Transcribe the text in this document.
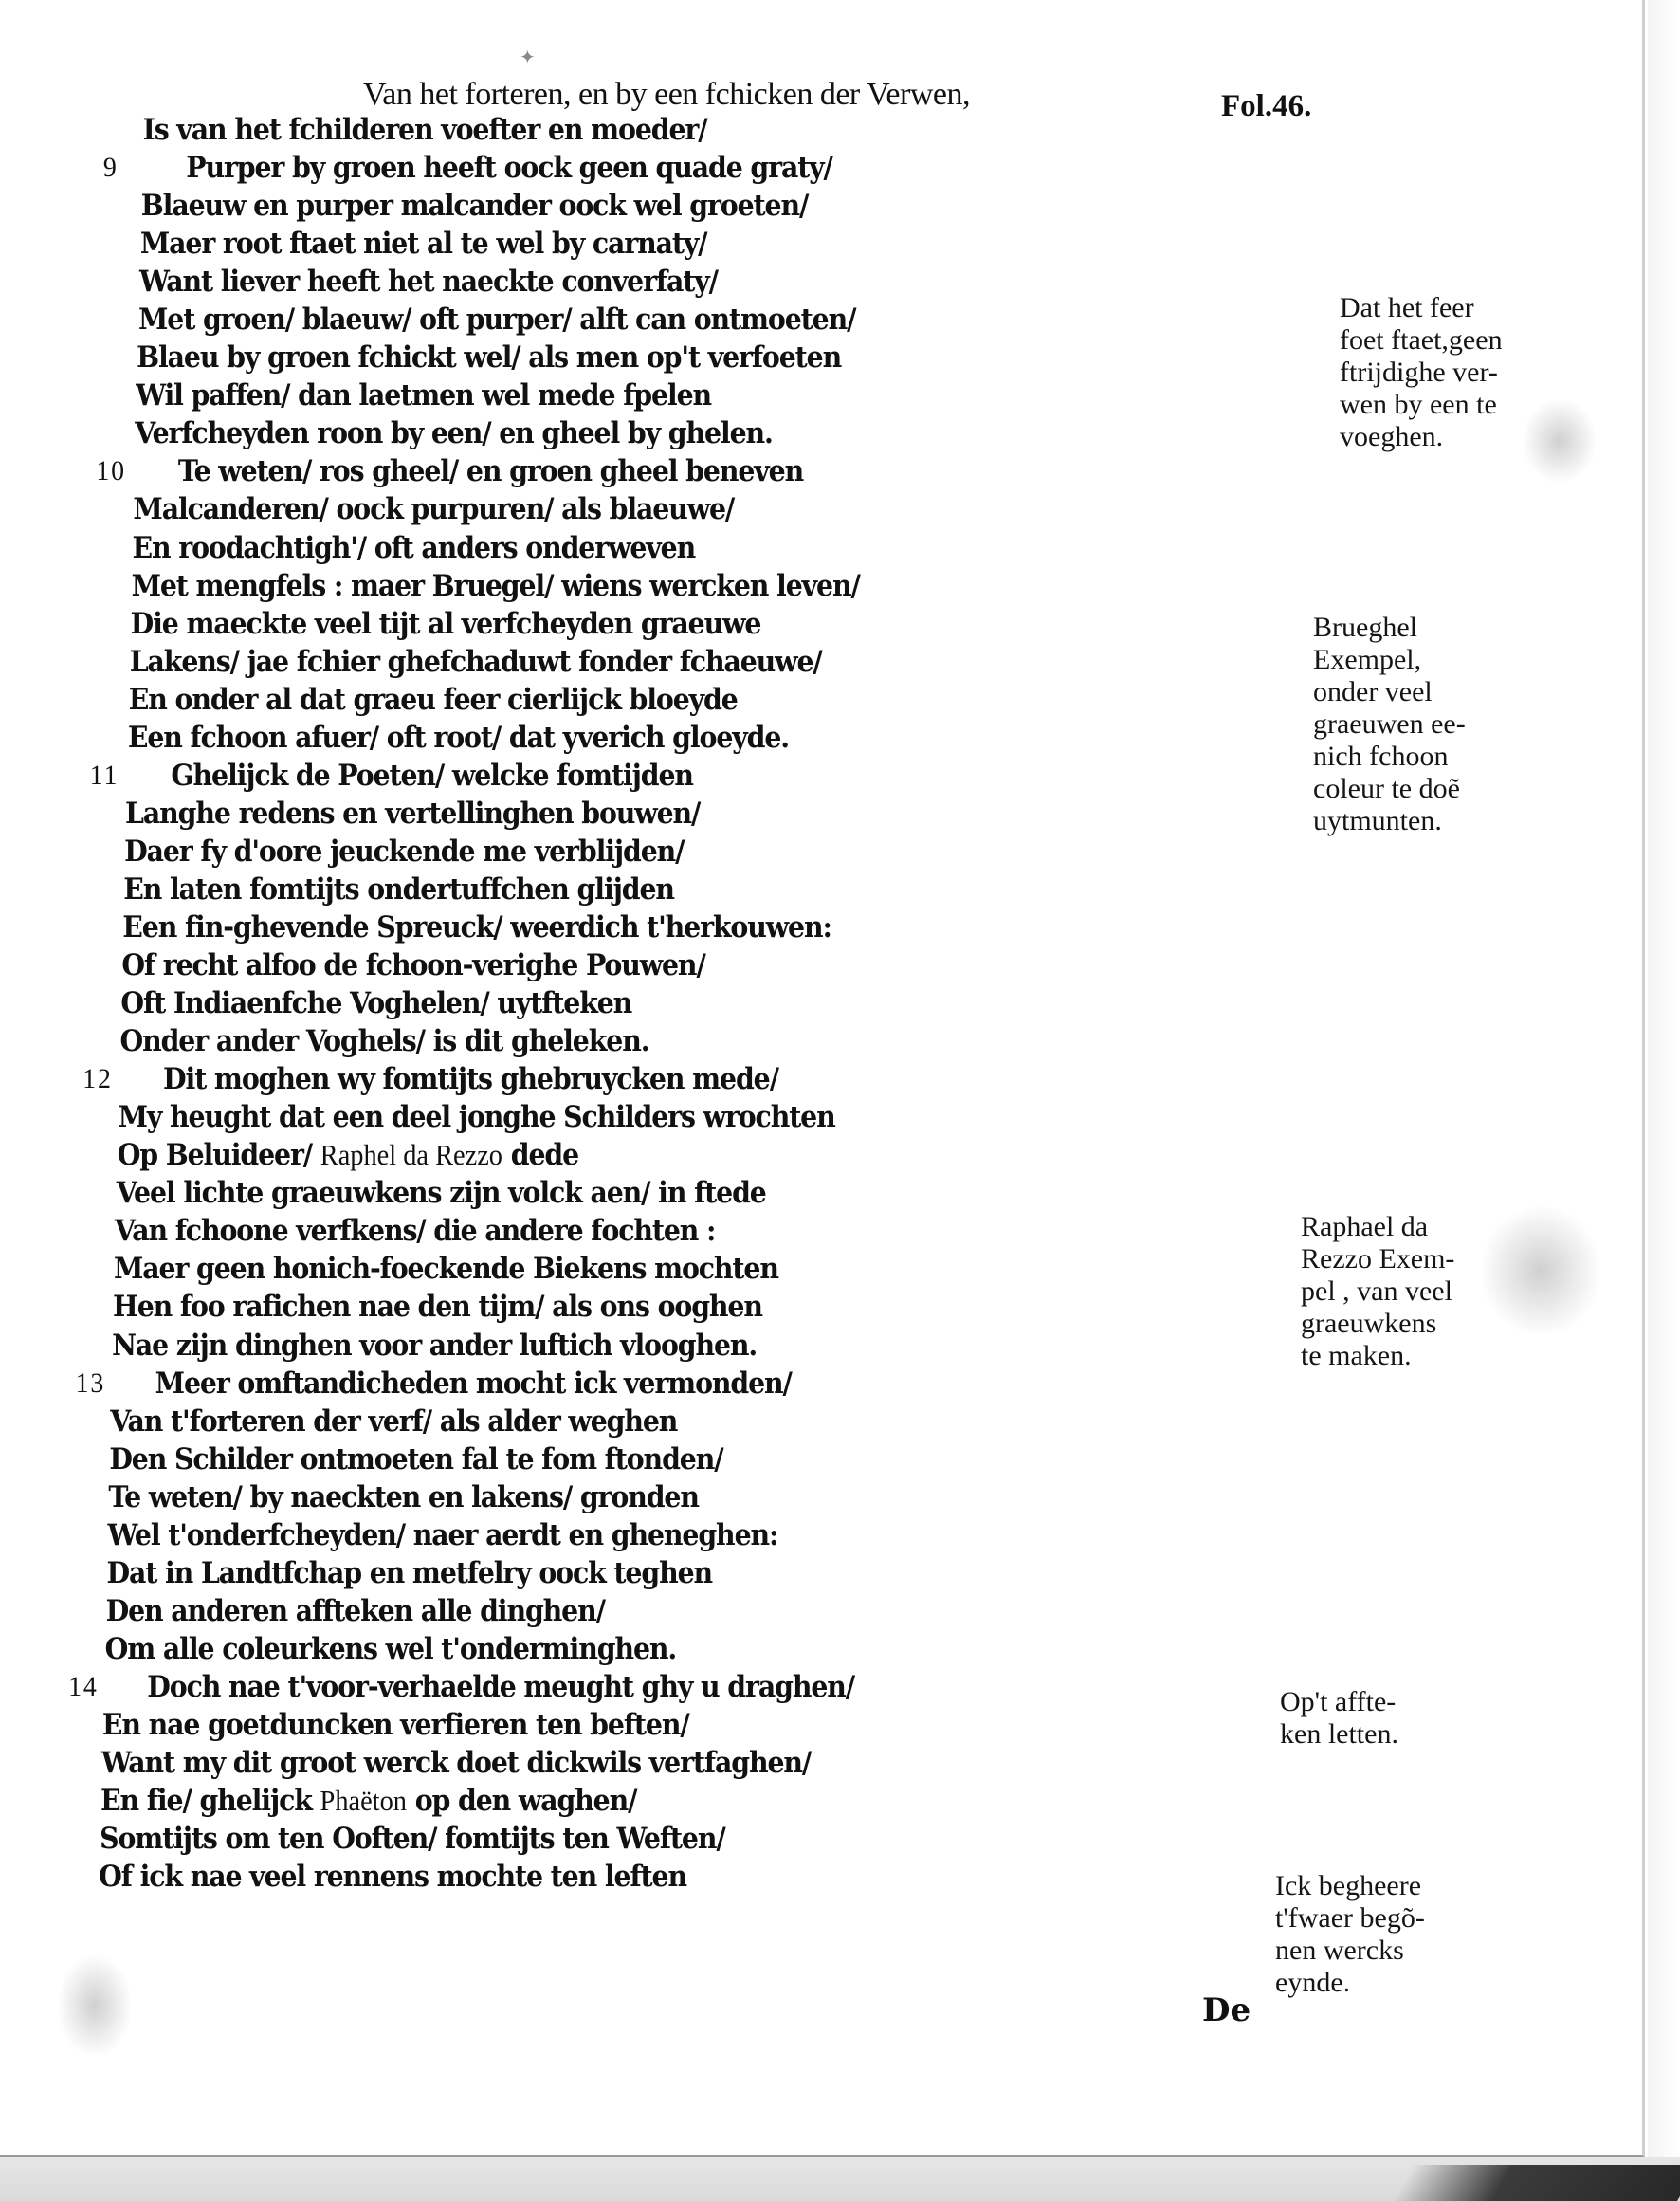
✦
Van het forteren, en by een fchicken der Verwen,	Fol.46.
Is van het fchilderen voefter en moeder/
9 Purper by groen heeft oock geen quade graty/
Blaeuw en purper malcander oock wel groeten/
Maer root ftaet niet al te wel by carnaty/
Want liever heeft het naeckte converfaty/
Met groen/ blaeuw/ oft purper/ alft can ontmoeten/
Blaeu by groen fchickt wel/ als men op't verfoeten
Wil paffen/ dan laetmen wel mede fpelen
Verfcheyden roon by een/ en gheel by ghelen.
10 Te weten/ ros gheel/ en groen gheel beneven
Malcanderen/ oock purpuren/ als blaeuwe/
En roodachtigh'/ oft anders onderweven
Met mengfels : maer Bruegel/ wiens wercken leven/
Die maeckte veel tijt al verfcheyden graeuwe
Lakens/ jae fchier ghefchaduwt fonder fchaeuwe/
En onder al dat graeu feer cierlijck bloeyde
Een fchoon afuer/ oft root/ dat yverich gloeyde.
11 Ghelijck de Poeten/ welcke fomtijden
Langhe redens en vertellinghen bouwen/
Daer fy d'oore jeuckende me verblijden/
En laten fomtijts ondertuffchen glijden
Een fin-ghevende Spreuck/ weerdich t'herkouwen:
Of recht alfoo de fchoon-verighe Pouwen/
Oft Indiaenfche Voghelen/ uytfteken
Onder ander Voghels/ is dit gheleken.
12 Dit moghen wy fomtijts ghebruycken mede/
My heught dat een deel jonghe Schilders wrochten
Op Beluideer/ Raphel da Rezzo dede
Veel lichte graeuwkens zijn volck aen/ in ftede
Van fchoone verfkens/ die andere fochten :
Maer geen honich-foeckende Biekens mochten
Hen foo rafichen nae den tijm/ als ons ooghen
Nae zijn dinghen voor ander luftich vlooghen.
13 Meer omftandicheden mocht ick vermonden/
Van t'forteren der verf/ als alder weghen
Den Schilder ontmoeten fal te fom ftonden/
Te weten/ by naeckten en lakens/ gronden
Wel t'onderfcheyden/ naer aerdt en gheneghen:
Dat in Landtfchap en metfelry oock teghen
Den anderen affteken alle dinghen/
Om alle coleurkens wel t'onderminghen.
14 Doch nae t'voor-verhaelde meught ghy u draghen/
En nae goetduncken verfieren ten beften/
Want my dit groot werck doet dickwils vertfaghen/
En fie/ ghelijck Phaëton op den waghen/
Somtijts om ten Ooften/ fomtijts ten Weften/
Of ick nae veel rennens mochte ten leften
Dat het feer
foet ftaet,geen
ftrijdighe ver-
wen by een te
voeghen.
Brueghel
Exempel,
onder veel
graeuwen ee-
nich fchoon
coleur te doẽ
uytmunten.
Raphael da
Rezzo Exem-
pel , van veel
graeuwkens
te maken.
Op't affte-
ken letten.
Ick begheere
t'fwaer begõ-
nen wercks
eynde.
De
